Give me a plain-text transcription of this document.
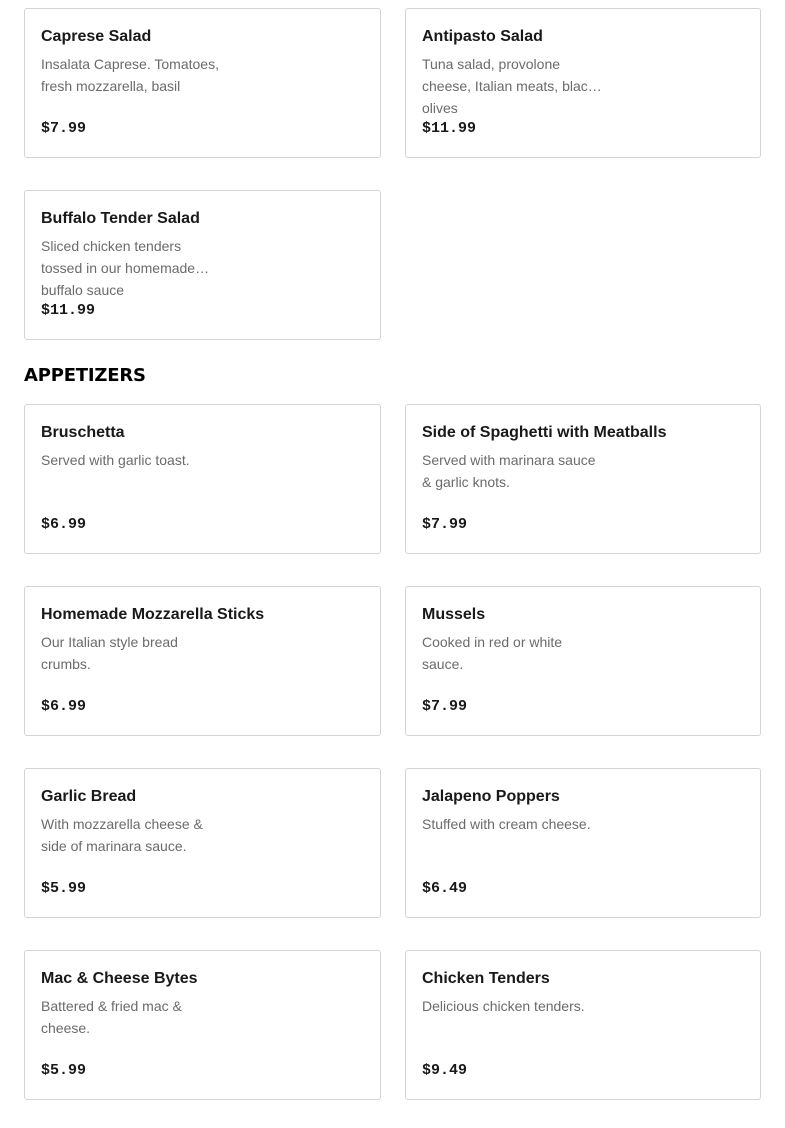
Caprese Salad
Insalata Caprese. Tomatoes, fresh mozzarella, basil
$7.99
Antipasto Salad
Tuna salad, provolone cheese, Italian meats, black olives
$11.99
Buffalo Tender Salad
Sliced chicken tenders tossed in our homemade buffalo sauce
$11.99
APPETIZERS
Bruschetta
Served with garlic toast.
$6.99
Side of Spaghetti with Meatballs
Served with marinara sauce & garlic knots.
$7.99
Homemade Mozzarella Sticks
Our Italian style bread crumbs.
$6.99
Mussels
Cooked in red or white sauce.
$7.99
Garlic Bread
With mozzarella cheese & side of marinara sauce.
$5.99
Jalapeno Poppers
Stuffed with cream cheese.
$6.49
Mac & Cheese Bytes
Battered & fried mac & cheese.
$5.99
Chicken Tenders
Delicious chicken tenders.
$9.49
